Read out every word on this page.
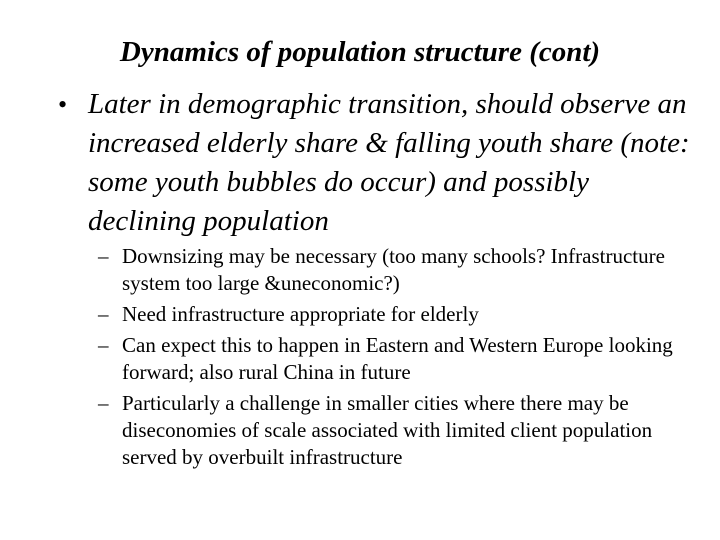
Dynamics of population structure (cont)
• Later in demographic transition, should observe an increased elderly share & falling youth share (note: some youth bubbles do occur) and possibly declining population
– Downsizing may be necessary (too many schools? Infrastructure system too large &uneconomic?)
– Need infrastructure appropriate for elderly
– Can expect this to happen in Eastern and Western Europe looking forward; also rural China in future
– Particularly a challenge in smaller cities where there may be diseconomies of scale associated with limited client population served by overbuilt infrastructure
